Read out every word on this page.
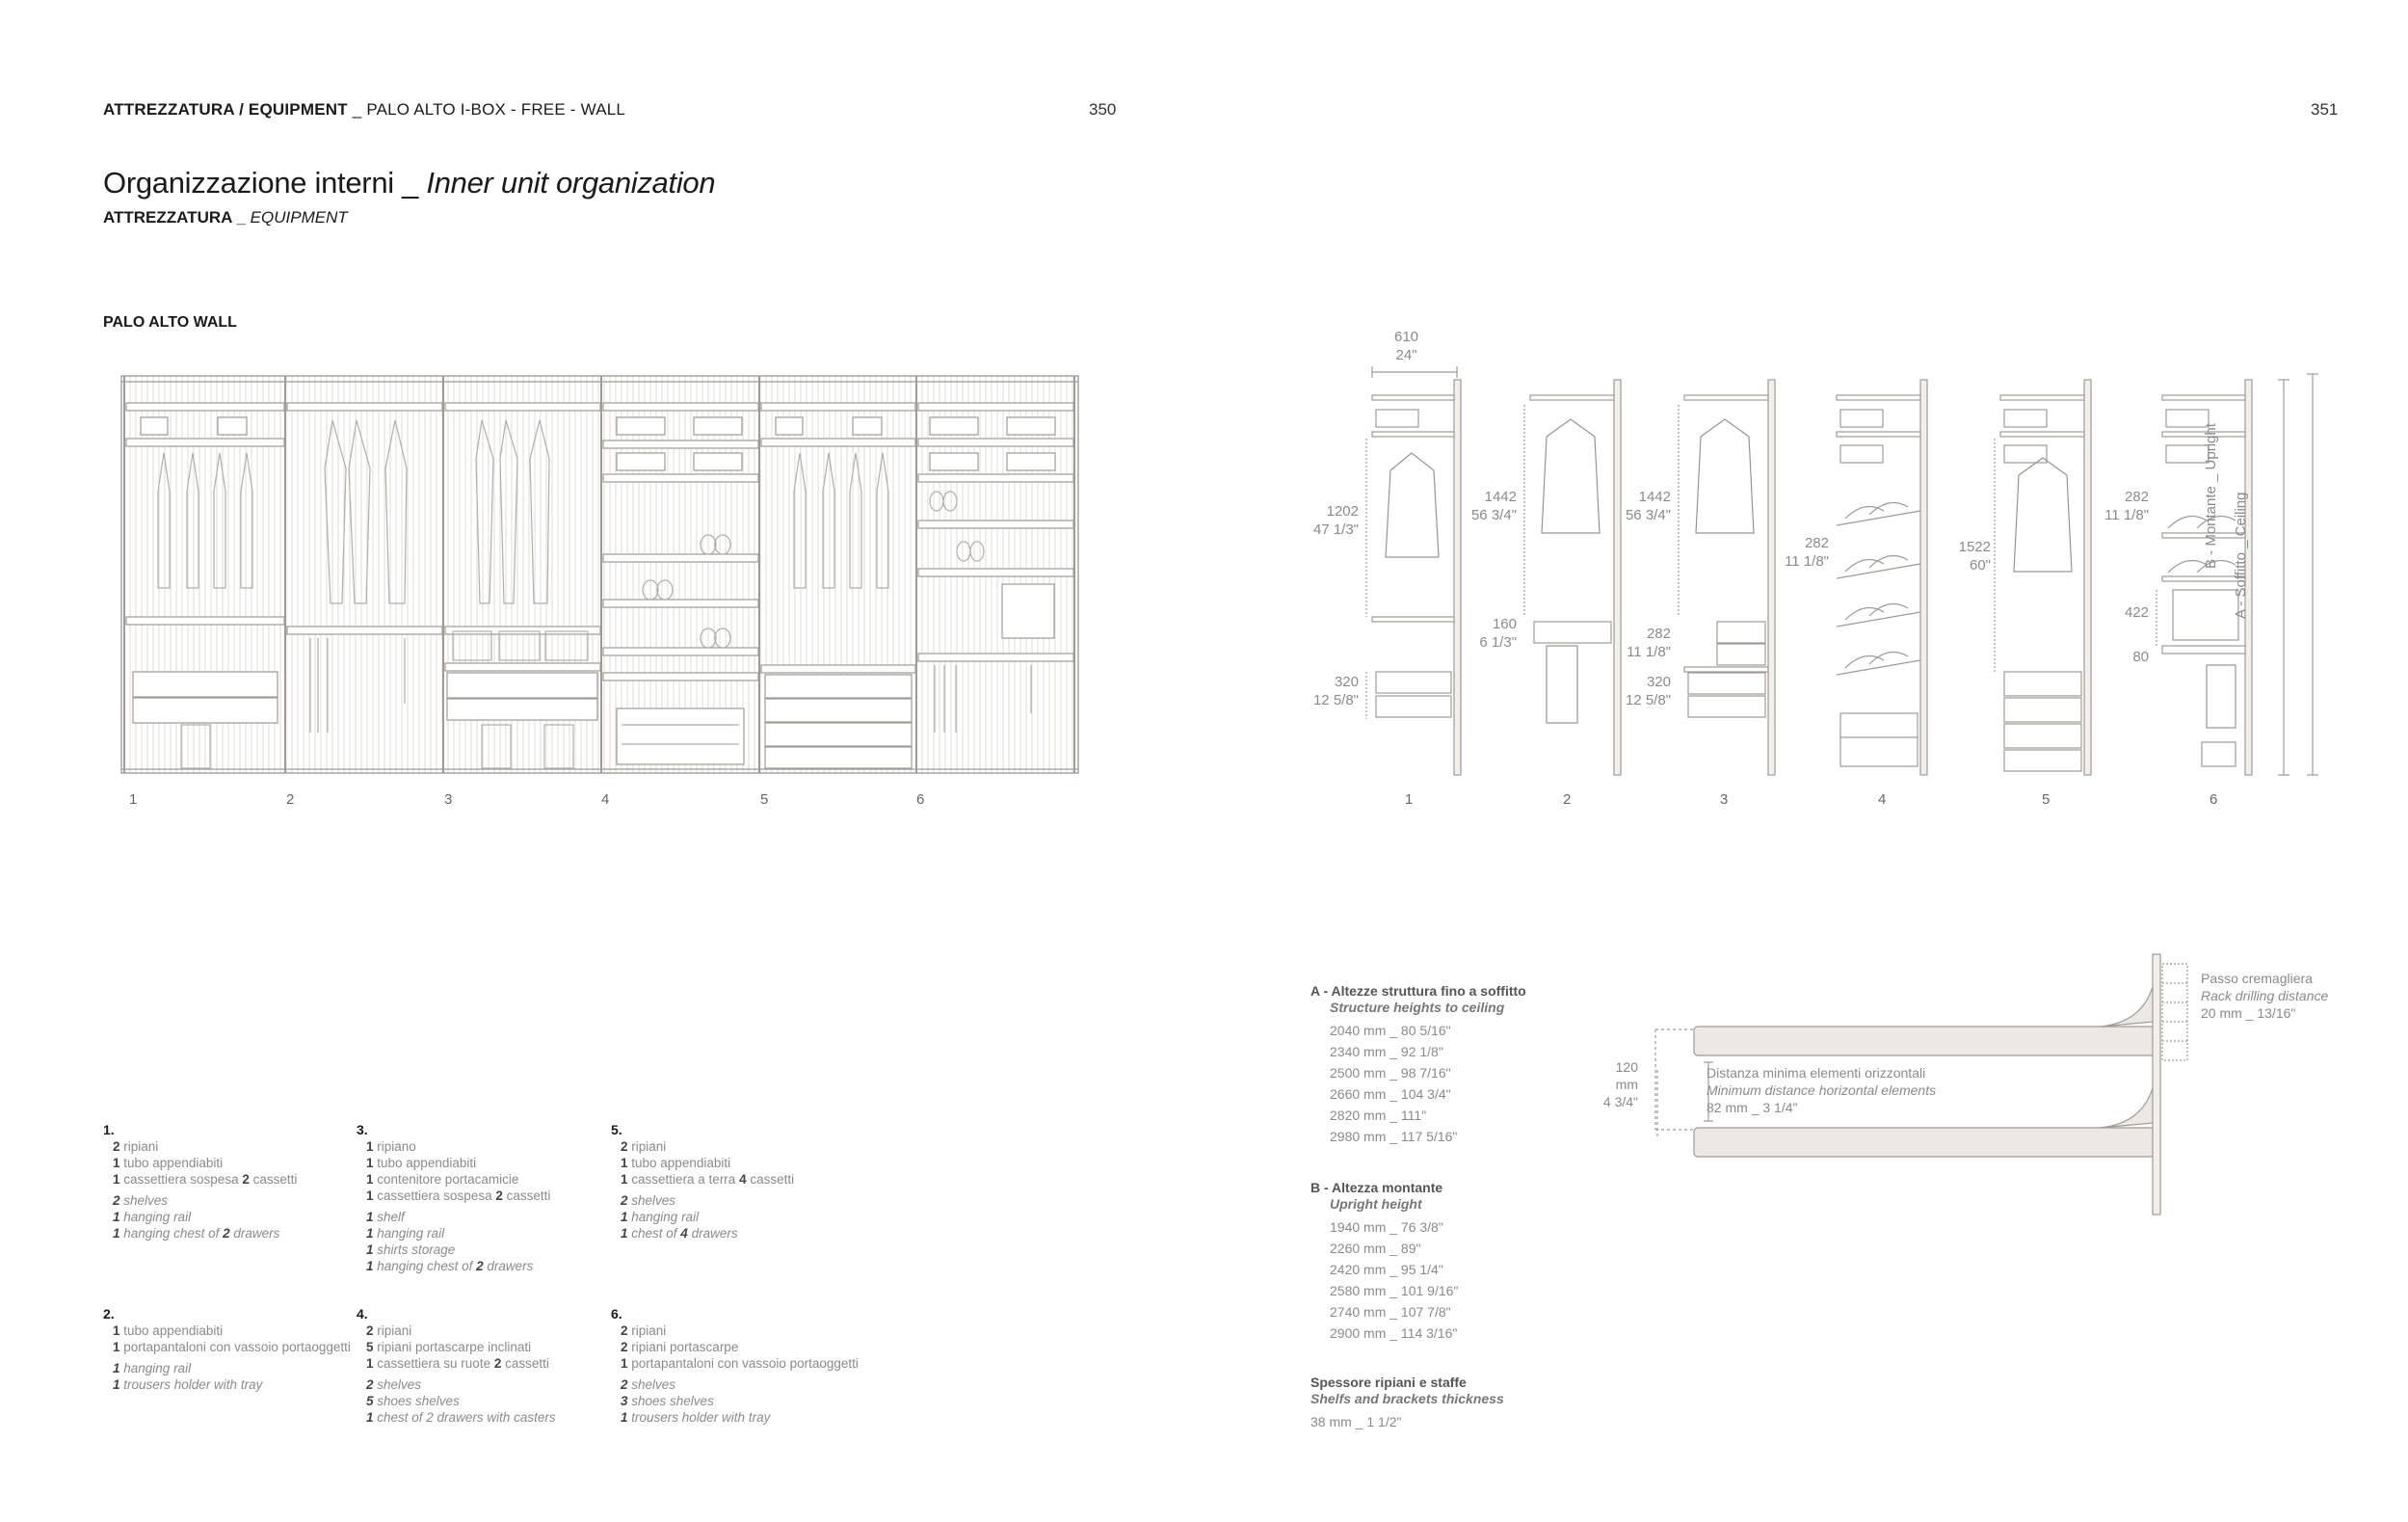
ATTREZZATURA / EQUIPMENT _ PALO ALTO I-BOX - FREE - WALL	350	351
Organizzazione interni _ Inner unit organization
ATTREZZATURA _ EQUIPMENT
PALO ALTO WALL
1	2	3	4	5	6
610
24"
1202
47 1/3"
320
12 5/8"
1442
56 3/4"
160
6 1/3"
1442
56 3/4"
282
11 1/8"
320
12 5/8"
282
11 1/8"
1522
60"
282
11 1/8"
422
80
B - Montante _ Upright A - Soffitto _ Ceiling
1	2	3	4	5	6
1.
2 ripiani
1 tubo appendiabiti
1 cassettiera sospesa 2 cassetti
2 shelves
1 hanging rail
1 hanging chest of 2 drawers
2.
1 tubo appendiabiti
1 portapantaloni con vassoio portaoggetti
1 hanging rail
1 trousers holder with tray
3.
1 ripiano
1 tubo appendiabiti
1 contenitore portacamicie
1 cassettiera sospesa 2 cassetti
1 shelf
1 hanging rail
1 shirts storage
1 hanging chest of 2 drawers
4.
2 ripiani
5 ripiani portascarpe inclinati
1 cassettiera su ruote 2 cassetti
2 shelves
5 shoes shelves
1 chest of 2 drawers with casters
5.
2 ripiani
1 tubo appendiabiti
1 cassettiera a terra 4 cassetti
2 shelves
1 hanging rail
1 chest of 4 drawers
6.
2 ripiani
2 ripiani portascarpe
1 portapantaloni con vassoio portaoggetti
2 shelves
3 shoes shelves
1 trousers holder with tray
A - Altezze struttura fino a soffitto
Structure heights to ceiling
2040 mm _ 80 5/16"
2340 mm _ 92 1/8"
2500 mm _ 98 7/16"
2660 mm _ 104 3/4"
2820 mm _ 111"
2980 mm _ 117 5/16"
B - Altezza montante
Upright height
1940 mm _ 76 3/8"
2260 mm _ 89"
2420 mm _ 95 1/4"
2580 mm _ 101 9/16"
2740 mm _ 107 7/8"
2900 mm _ 114 3/16"
Spessore ripiani e staffe
Shelfs and brackets thickness
38 mm _ 1 1/2"
120 mm
4 3/4"
Distanza minima elementi orizzontali
Minimum distance horizontal elements
82 mm _ 3 1/4"
Passo cremagliera
Rack drilling distance
20 mm _ 13/16"
